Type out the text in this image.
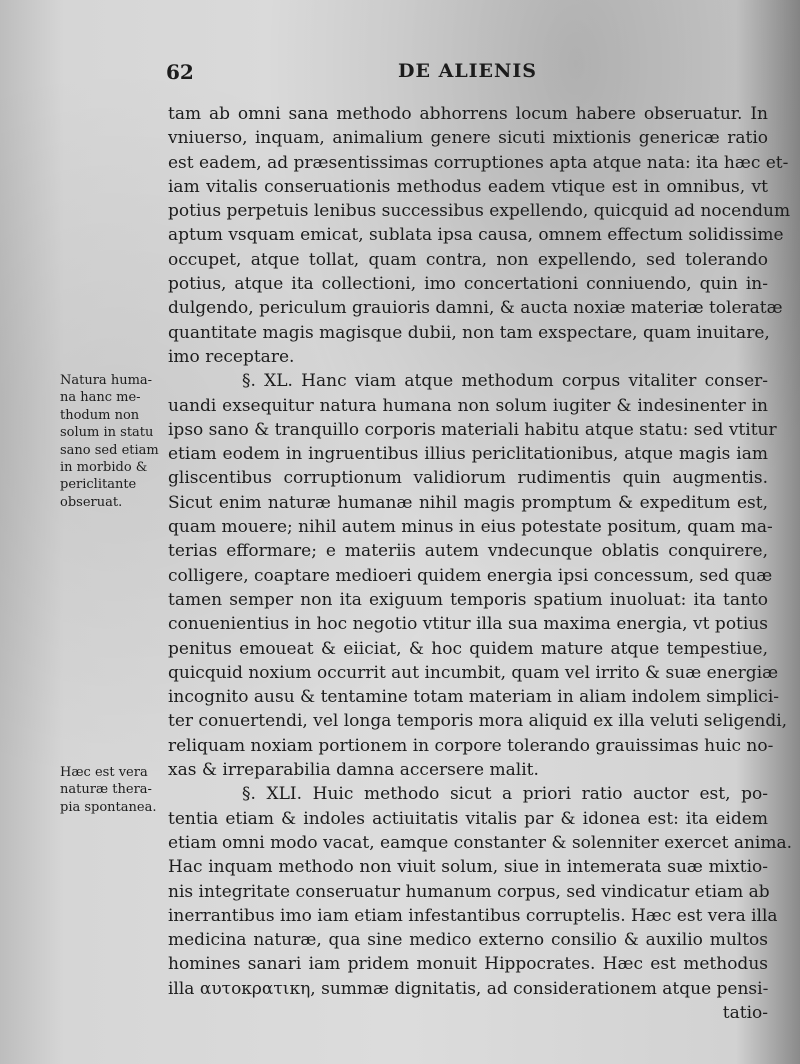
62	DE ALIENIS
Natura huma-
na hanc me-
thodum non
solum in statu
sano sed etiam
in morbido &
periclitante
obseruat.
Hæc est vera
naturæ thera-
pia spontanea.
tam ab omni sana methodo abhorrens locum habere obseruatur. In
vniuerso, inquam, animalium genere sicuti mixtionis genericæ ratio
est eadem, ad præsentissimas corruptiones apta atque nata: ita hæc et-
iam vitalis conseruationis methodus eadem vtique est in omnibus, vt
potius perpetuis lenibus successibus expellendo, quicquid ad nocendum
aptum vsquam emicat, sublata ipsa causa, omnem effectum solidissime
occupet, atque tollat, quam contra, non expellendo, sed tolerando
potius, atque ita collectioni, imo concertationi conniuendo, quin in-
dulgendo, periculum grauioris damni, & aucta noxiæ materiæ toleratæ
quantitate magis magisque dubii, non tam exspectare, quam inuitare,
imo receptare.
§. XL. Hanc viam atque methodum corpus vitaliter conser-
uandi exsequitur natura humana non solum iugiter & indesinenter in
ipso sano & tranquillo corporis materiali habitu atque statu: sed vtitur
etiam eodem in ingruentibus illius periclitationibus, atque magis iam
gliscentibus corruptionum validiorum rudimentis quin augmentis.
Sicut enim naturæ humanæ nihil magis promptum & expeditum est,
quam mouere; nihil autem minus in eius potestate positum, quam ma-
terias efformare; e materiis autem vndecunque oblatis conquirere,
colligere, coaptare medioeri quidem energia ipsi concessum, sed quæ
tamen semper non ita exiguum temporis spatium inuoluat: ita tanto
conuenientius in hoc negotio vtitur illa sua maxima energia, vt potius
penitus emoueat & eiiciat, & hoc quidem mature atque tempestiue,
quicquid noxium occurrit aut incumbit, quam vel irrito & suæ energiæ
incognito ausu & tentamine totam materiam in aliam indolem simplici-
ter conuertendi, vel longa temporis mora aliquid ex illa veluti seligendi,
reliquam noxiam portionem in corpore tolerando grauissimas huic no-
xas & irreparabilia damna accersere malit.
§. XLI. Huic methodo sicut a priori ratio auctor est, po-
tentia etiam & indoles actiuitatis vitalis par & idonea est: ita eidem
etiam omni modo vacat, eamque constanter & solenniter exercet anima.
Hac inquam methodo non viuit solum, siue in intemerata suæ mixtio-
nis integritate conseruatur humanum corpus, sed vindicatur etiam ab
inerrantibus imo iam etiam infestantibus corruptelis. Hæc est vera illa
medicina naturæ, qua sine medico externo consilio & auxilio multos
homines sanari iam pridem monuit Hippocrates. Hæc est methodus
illa αυτοκρατικη, summæ dignitatis, ad considerationem atque pensi-
tatio-
